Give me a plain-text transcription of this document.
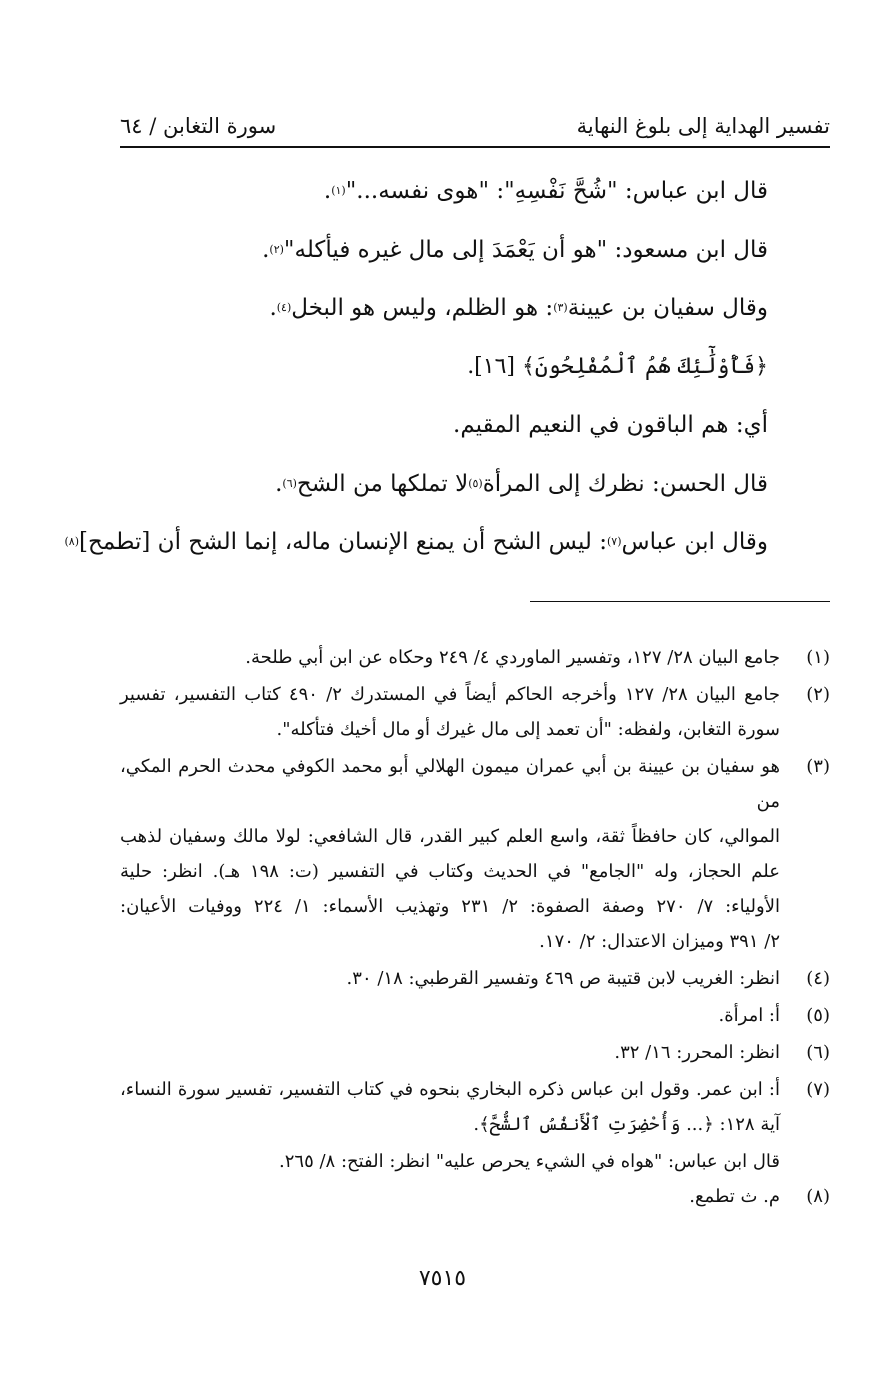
تفسير الهداية إلى بلوغ النهاية
سورة التغابن / ٦٤
قال ابن عباس: "شُحَّ نَفْسِهِ": "هوى نفسه..."
(١)
.
قال ابن مسعود: "هو أن يَعْمَدَ إلى مال غيره فيأكله"
(٢)
.
وقال سفيان بن عيينة
(٣)
: هو الظلم، وليس هو البخل
(٤)
.
﴿فَأُوْلَٰٓئِكَ هُمُ ٱلْمُفْلِحُونَ﴾ [١٦].
أي: هم الباقون في النعيم المقيم.
قال الحسن: نظرك إلى المرأة
(٥)
لا تملكها من الشح
(٦)
.
وقال ابن عباس
(٧)
: ليس الشح أن يمنع الإنسان ماله، إنما الشح أن [تطمح]
(٨)
(١)
جامع البيان ٢٨/ ١٢٧، وتفسير الماوردي ٤/ ٢٤٩ وحكاه عن ابن أبي طلحة.
(٢)
جامع البيان ٢٨/ ١٢٧ وأخرجه الحاكم أيضاً في المستدرك ٢/ ٤٩٠ كتاب التفسير، تفسير
سورة التغابن، ولفظه: "أن تعمد إلى مال غيرك أو مال أخيك فتأكله".
(٣)
هو سفيان بن عيينة بن أبي عمران ميمون الهلالي أبو محمد الكوفي محدث الحرم المكي، من
الموالي، كان حافظاً ثقة، واسع العلم كبير القدر، قال الشافعي: لولا مالك وسفيان لذهب
علم الحجاز، وله "الجامع" في الحديث وكتاب في التفسير (ت: ١٩٨ هـ). انظر: حلية
الأولياء: ٧/ ٢٧٠ وصفة الصفوة: ٢/ ٢٣١ وتهذيب الأسماء: ١/ ٢٢٤ ووفيات الأعيان:
٢/ ٣٩١ وميزان الاعتدال: ٢/ ١٧٠.
(٤)
انظر: الغريب لابن قتيبة ص ٤٦٩ وتفسير القرطبي: ١٨/ ٣٠.
(٥)
أ: امرأة.
(٦)
انظر: المحرر: ١٦/ ٣٢.
(٧)
أ: ابن عمر. وقول ابن عباس ذكره البخاري بنحوه في كتاب التفسير، تفسير سورة النساء،
آية ١٢٨: ﴿... وَأُحْضِرَتِ ٱلْأَنفُسُ ٱلشُّحَّ﴾.
قال ابن عباس: "هواه في الشيء يحرص عليه" انظر: الفتح: ٨/ ٢٦٥.
(٨)
م. ث تطمع.
٧٥١٥
